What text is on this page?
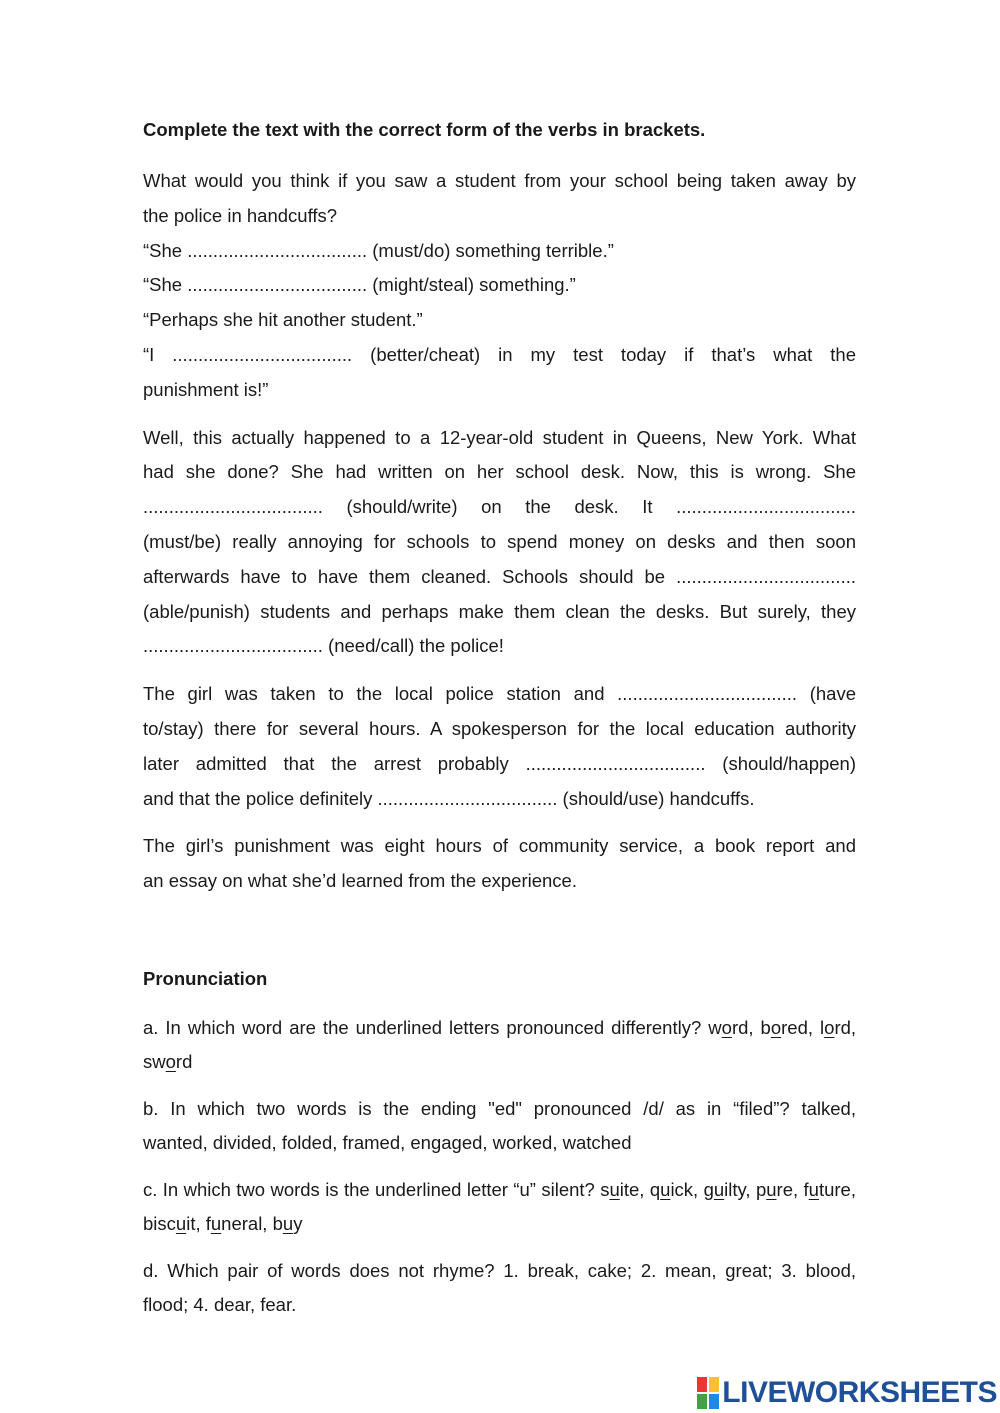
Complete the text with the correct form of the verbs in brackets.
What would you think if you saw a student from your school being taken away by
the police in handcuffs?
“She ................................... (must/do) something terrible.”
“She ................................... (might/steal) something.”
“Perhaps she hit another student.”
“I ................................... (better/cheat) in my test today if that’s what the
punishment is!”
Well, this actually happened to a 12-year-old student in Queens, New York. What
had she done? She had written on her school desk. Now, this is wrong. She
................................... (should/write) on the desk. It ...................................
(must/be) really annoying for schools to spend money on desks and then soon
afterwards have to have them cleaned. Schools should be ...................................
(able/punish) students and perhaps make them clean the desks. But surely, they
................................... (need/call) the police!
The girl was taken to the local police station and ................................... (have
to/stay) there for several hours. A spokesperson for the local education authority
later admitted that the arrest probably ................................... (should/happen)
and that the police definitely ................................... (should/use) handcuffs.
The girl’s punishment was eight hours of community service, a book report and
an essay on what she’d learned from the experience.
Pronunciation
a. In which word are the underlined letters pronounced differently? word, bored, lord, sword
b. In which two words is the ending "ed" pronounced /d/ as in “filed”? talked,
wanted, divided, folded, framed, engaged, worked, watched
c. In which two words is the underlined letter “u” silent? suite, quick, guilty, pure, future, biscuit, funeral, buy
d. Which pair of words does not rhyme? 1. break, cake; 2. mean, great; 3. blood,
flood; 4. dear, fear.
LIVEWORKSHEETS
